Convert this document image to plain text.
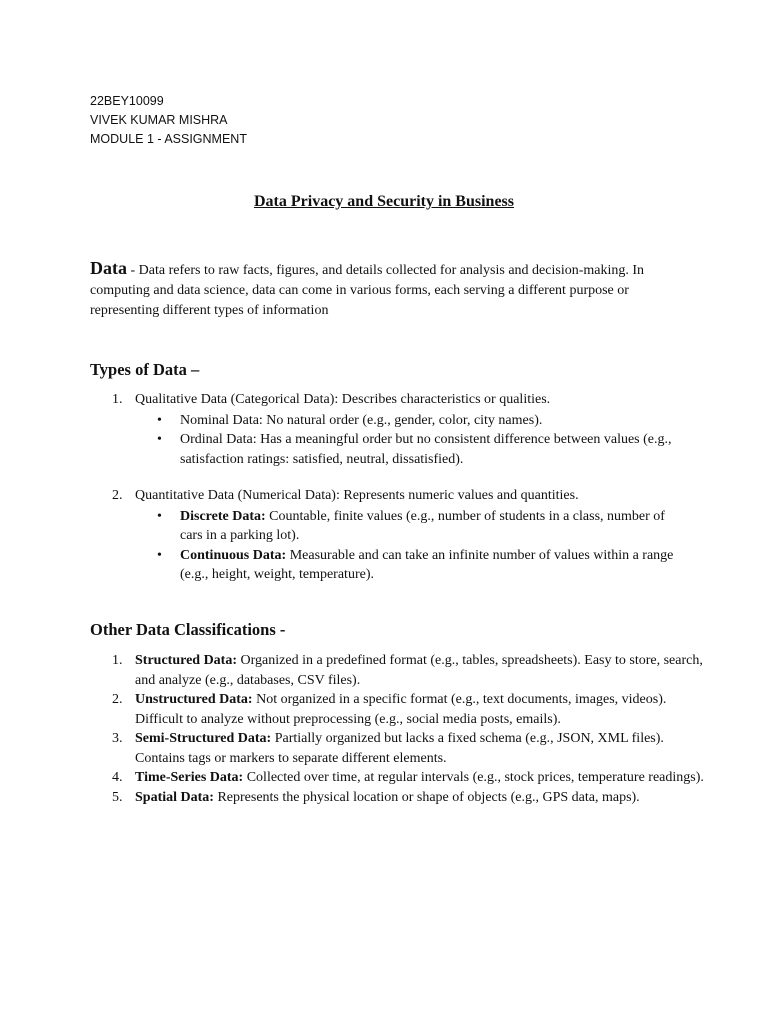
22BEY10099
VIVEK KUMAR MISHRA
MODULE 1 - ASSIGNMENT
Data Privacy and Security in Business
Data - Data refers to raw facts, figures, and details collected for analysis and decision-making. In computing and data science, data can come in various forms, each serving a different purpose or representing different types of information
Types of Data –
1. Qualitative Data (Categorical Data): Describes characteristics or qualities.
• Nominal Data: No natural order (e.g., gender, color, city names).
• Ordinal Data: Has a meaningful order but no consistent difference between values (e.g., satisfaction ratings: satisfied, neutral, dissatisfied).
2. Quantitative Data (Numerical Data): Represents numeric values and quantities.
• Discrete Data: Countable, finite values (e.g., number of students in a class, number of cars in a parking lot).
• Continuous Data: Measurable and can take an infinite number of values within a range (e.g., height, weight, temperature).
Other Data Classifications -
1. Structured Data: Organized in a predefined format (e.g., tables, spreadsheets). Easy to store, search, and analyze (e.g., databases, CSV files).
2. Unstructured Data: Not organized in a specific format (e.g., text documents, images, videos). Difficult to analyze without preprocessing (e.g., social media posts, emails).
3. Semi-Structured Data: Partially organized but lacks a fixed schema (e.g., JSON, XML files). Contains tags or markers to separate different elements.
4. Time-Series Data: Collected over time, at regular intervals (e.g., stock prices, temperature readings).
5. Spatial Data: Represents the physical location or shape of objects (e.g., GPS data, maps).
